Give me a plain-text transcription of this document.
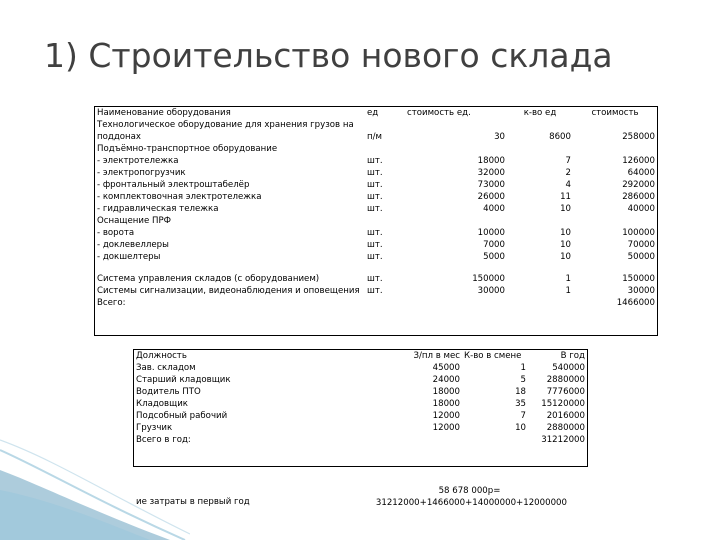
1) Строительство нового склада
Наименование оборудования	ед	стоимость ед.	к-во ед	стоимость
Технологическое оборудование для хранения грузов на поддонах	п/м	30	8600	258000
Подъёмно-транспортное оборудование				
- электротележка	шт.	18000	7	126000
- электропогрузчик	шт.	32000	2	64000
- фронтальный электроштабелёр	шт.	73000	4	292000
- комплектовочная электротележка	шт.	26000	11	286000
- гидравлическая тележка	шт.	4000	10	40000
Оснащение ПРФ				
- ворота	шт.	10000	10	100000
- доклевеллеры	шт.	7000	10	70000
- докшелтеры	шт.	5000	10	50000

Система управления складов (с оборудованием)	шт.	150000	1	150000
Системы сигнализации, видеонаблюдения и оповещения	шт.	30000	1	30000
Всего:				1466000
Должность	З/пл в мес	К-во в смене	В год
Зав. складом	45000	1	540000
Старший кладовщик	24000	5	2880000
Водитель ПТО	18000	18	7776000
Кладовщик	18000	35	15120000
Подсобный рабочий	12000	7	2016000
Грузчик	12000	10	2880000
Всего в год:			31212000
ие затраты в первый год
58 678 000р=
31212000+1466000+14000000+12000000
